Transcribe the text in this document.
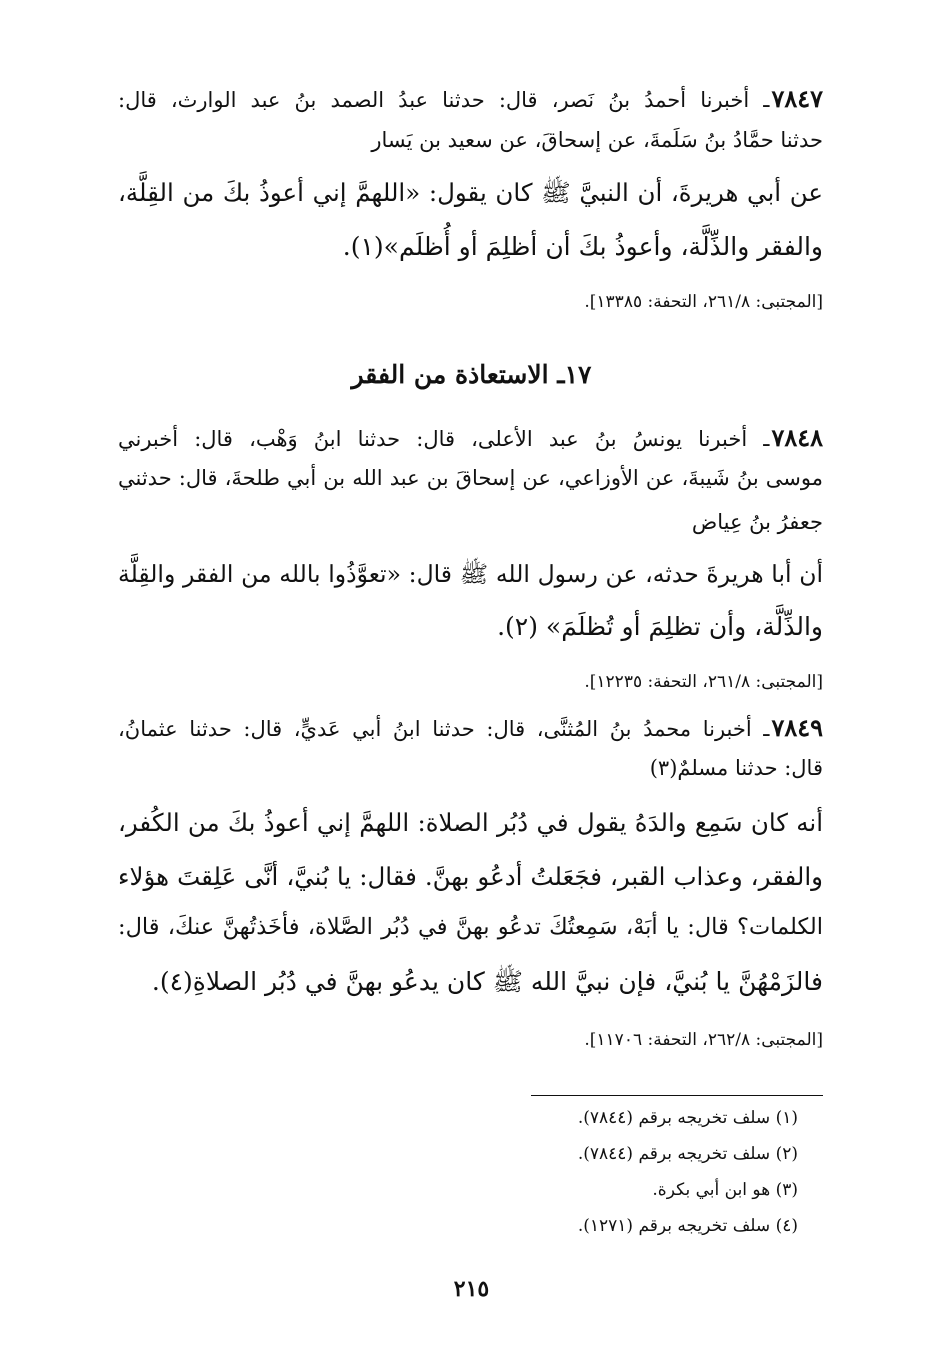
٧٨٤٧ـ أخبرنا أحمدُ بنُ نَصر، قال: حدثنا عبدُ الصمد بنُ عبد الوارث، قال:
حدثنا حمَّادُ بنُ سَلَمةَ، عن إسحاقَ، عن سعيد بن يَسار
عن أبي هريرةَ، أن النبيَّ ﷺ كان يقول: «اللهمَّ إني أعوذُ بكَ من القِلَّة،
والفقر والذِّلَّة، وأعوذُ بكَ أن أظلِمَ أو أُظلَم»(١).
[المجتبى: ٢٦١/٨، التحفة: ١٣٣٨٥].
١٧ـ الاستعاذة من الفقر
٧٨٤٨ـ أخبرنا يونسُ بنُ عبد الأعلى، قال: حدثنا ابنُ وَهْب، قال: أخبرني
موسى بنُ شَيبةَ، عن الأوزاعي، عن إسحاقَ بن عبد الله بن أبي طلحةَ، قال: حدثني
جعفرُ بنُ عِياض
أن أبا هريرةَ حدثه، عن رسول الله ﷺ قال: «تعوَّذُوا بالله من الفقر والقِلَّة
والذِّلَّة، وأن تظلِمَ أو تُظلَمَ» (٢).
[المجتبى: ٢٦١/٨، التحفة: ١٢٢٣٥].
٧٨٤٩ـ أخبرنا محمدُ بنُ المُثنَّى، قال: حدثنا ابنُ أبي عَديٍّ، قال: حدثنا عثمانُ،
قال: حدثنا مسلمٌ(٣)
أنه كان سَمِع والدَهُ يقول في دُبُر الصلاة: اللهمَّ إني أعوذُ بكَ من الكُفر،
والفقر، وعذاب القبر، فجَعَلتُ أدعُو بهنَّ. فقال: يا بُنيَّ، أنَّى عَلِقتَ هؤلاء
الكلمات؟ قال: يا أبَهْ، سَمِعتُكَ تدعُو بهنَّ في دُبُر الصَّلاة، فأخَذتُهنَّ عنكَ، قال:
فالزَمْهُنَّ يا بُنيَّ، فإن نبيَّ الله ﷺ كان يدعُو بهنَّ في دُبُر الصلاةِ(٤).
[المجتبى: ٢٦٢/٨، التحفة: ١١٧٠٦].
(١) سلف تخريجه برقم (٧٨٤٤).
(٢) سلف تخريجه برقم (٧٨٤٤).
(٣) هو ابن أبي بكرة.
(٤) سلف تخريجه برقم (١٢٧١).
٢١٥
